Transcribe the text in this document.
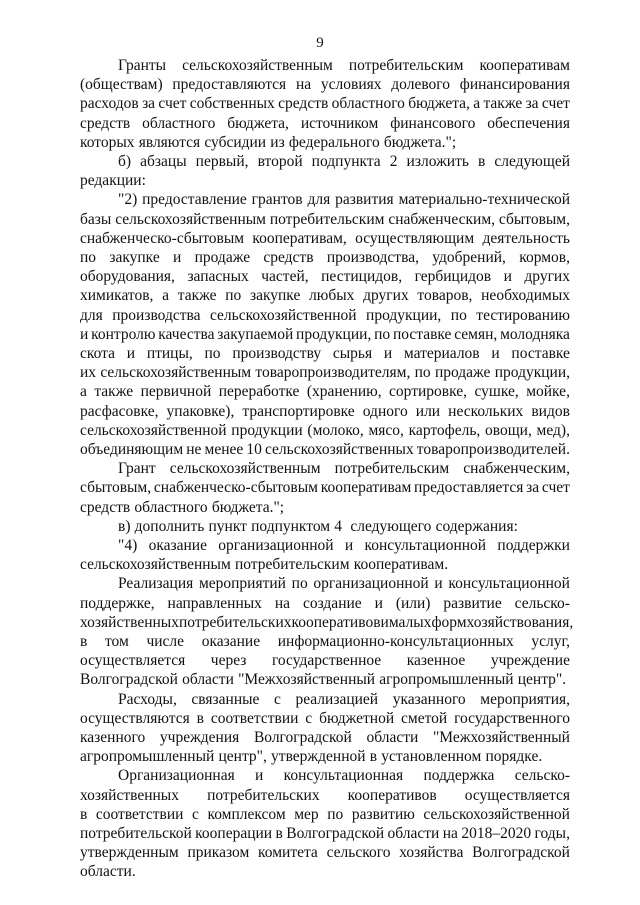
9
Гранты сельскохозяйственным потребительским кооперативам
(обществам) предоставляются на условиях долевого финансирования
расходов за счет собственных средств областного бюджета, а также за счет
средств областного бюджета, источником финансового обеспечения
которых являются субсидии из федерального бюджета.";
б) абзацы первый, второй подпункта 2 изложить в следующей
редакции:
"2) предоставление грантов для развития материально-технической
базы сельскохозяйственным потребительским снабженческим, сбытовым,
снабженческо-сбытовым кооперативам, осуществляющим деятельность
по закупке и продаже средств производства, удобрений, кормов,
оборудования, запасных частей, пестицидов, гербицидов и других
химикатов, а также по закупке любых других товаров, необходимых
для производства сельскохозяйственной продукции, по тестированию
и контролю качества закупаемой продукции, по поставке семян, молодняка
скота и птицы, по производству сырья и материалов и поставке
их сельскохозяйственным товаропроизводителям, по продаже продукции,
а также первичной переработке (хранению, сортировке, сушке, мойке,
расфасовке, упаковке), транспортировке одного или нескольких видов
сельскохозяйственной продукции (молоко, мясо, картофель, овощи, мед),
объединяющим не менее 10 сельскохозяйственных товаропроизводителей.
Грант сельскохозяйственным потребительским снабженческим,
сбытовым, снабженческо-сбытовым кооперативам предоставляется за счет
средств областного бюджета.";
в) дополнить пункт подпунктом 4 следующего содержания:
"4) оказание организационной и консультационной поддержки
сельскохозяйственным потребительским кооперативам.
Реализация мероприятий по организационной и консультационной
поддержке, направленных на создание и (или) развитие сельско-
хозяйственных потребительских кооперативов и малых форм хозяйствования,
в том числе оказание информационно-консультационных услуг,
осуществляется через государственное казенное учреждение
Волгоградской области "Межхозяйственный агропромышленный центр".
Расходы, связанные с реализацией указанного мероприятия,
осуществляются в соответствии с бюджетной сметой государственного
казенного учреждения Волгоградской области "Межхозяйственный
агропромышленный центр", утвержденной в установленном порядке.
Организационная и консультационная поддержка сельско-
хозяйственных потребительских кооперативов осуществляется
в соответствии с комплексом мер по развитию сельскохозяйственной
потребительской кооперации в Волгоградской области на 2018–2020 годы,
утвержденным приказом комитета сельского хозяйства Волгоградской
области.
